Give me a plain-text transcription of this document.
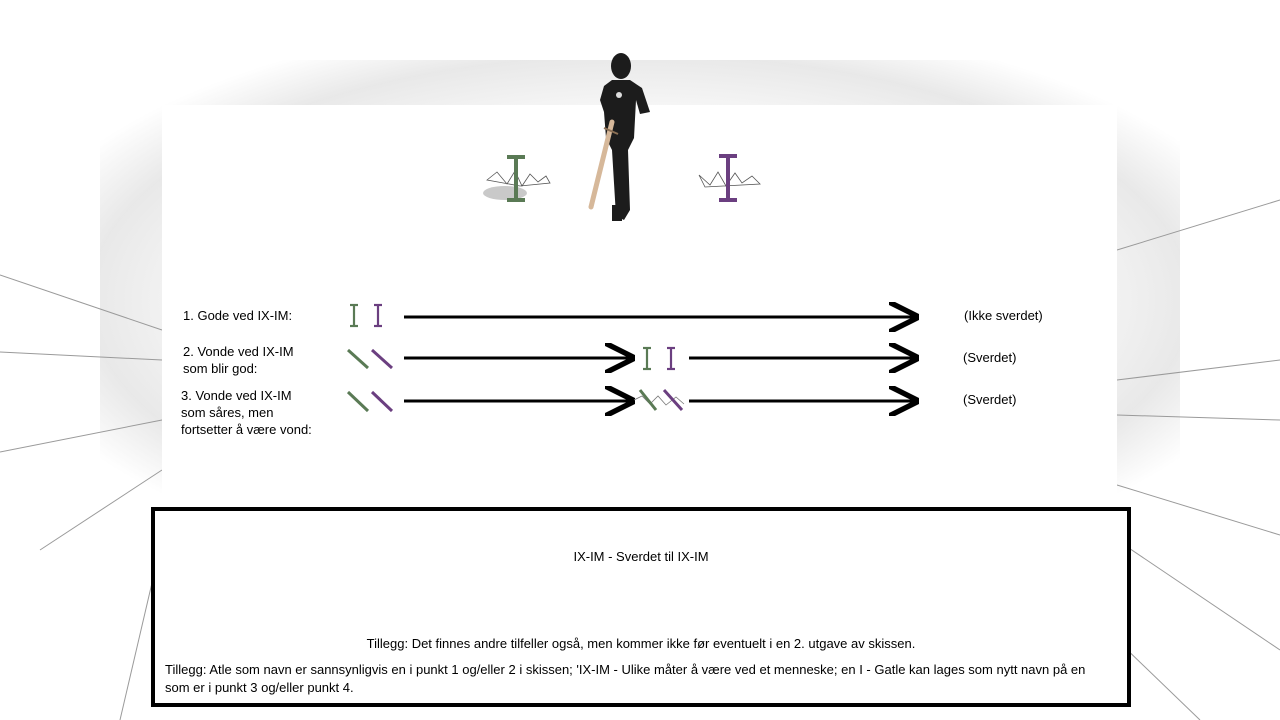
1. Gode ved IX-IM:
2. Vonde ved IX-IM
som blir god:
3. Vonde ved IX-IM
som såres, men
fortsetter å være vond:
(Ikke sverdet)
(Sverdet)
(Sverdet)
IX-IM - Sverdet til IX-IM
Tillegg: Det finnes andre tilfeller også, men kommer ikke før eventuelt i en 2. utgave av skissen.
Tillegg: Atle som navn er sannsynligvis en i punkt 1 og/eller 2 i skissen; 'IX-IM - Ulike måter å være ved et menneske; en I - Gatle kan lages som nytt navn på en som er i punkt 3 og/eller punkt 4.
